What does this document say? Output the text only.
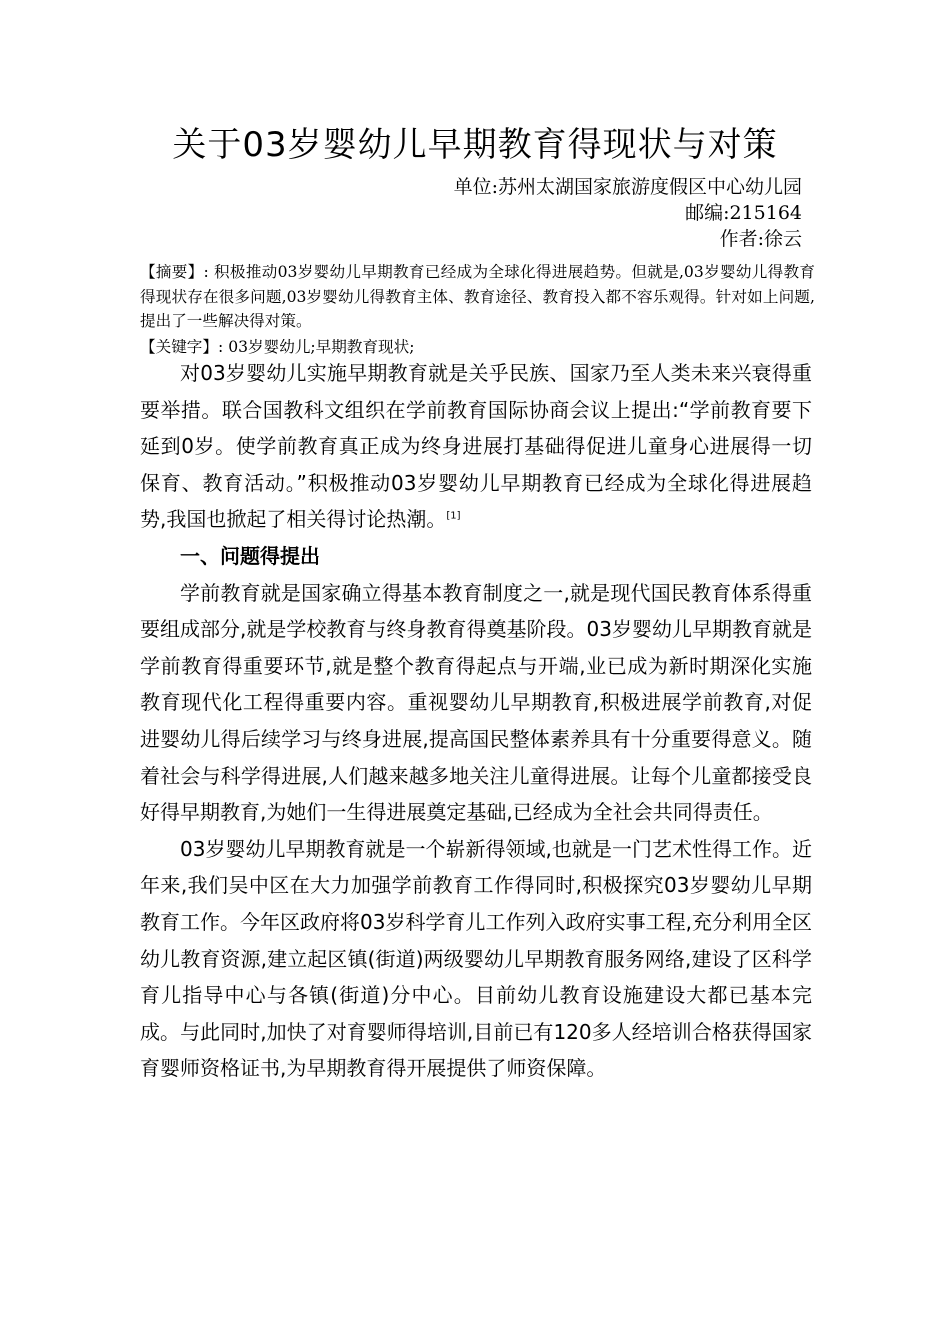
关于03岁婴幼儿早期教育得现状与对策
单位:苏州太湖国家旅游度假区中心幼儿园
邮编:215164
作者:徐云
【摘要】: 积极推动03岁婴幼儿早期教育已经成为全球化得进展趋势。但就是,03岁婴幼儿得教育得现状存在很多问题,03岁婴幼儿得教育主体、教育途径、教育投入都不容乐观得。针对如上问题,提出了一些解决得对策。
【关键字】: 03岁婴幼儿;早期教育现状;

对03岁婴幼儿实施早期教育就是关乎民族、国家乃至人类未来兴衰得重要举措。联合国教科文组织在学前教育国际协商会议上提出:“学前教育要下延到0岁。使学前教育真正成为终身进展打基础得促进儿童身心进展得一切保育、教育活动。”积极推动03岁婴幼儿早期教育已经成为全球化得进展趋势,我国也掀起了相关得讨论热潮。[1]

一、问题得提出

学前教育就是国家确立得基本教育制度之一,就是现代国民教育体系得重要组成部分,就是学校教育与终身教育得奠基阶段。03岁婴幼儿早期教育就是学前教育得重要环节,就是整个教育得起点与开端,业已成为新时期深化实施教育现代化工程得重要内容。重视婴幼儿早期教育,积极进展学前教育,对促进婴幼儿得后续学习与终身进展,提高国民整体素养具有十分重要得意义。随着社会与科学得进展,人们越来越多地关注儿童得进展。让每个儿童都接受良好得早期教育,为她们一生得进展奠定基础,已经成为全社会共同得责任。

03岁婴幼儿早期教育就是一个崭新得领域,也就是一门艺术性得工作。近年来,我们吴中区在大力加强学前教育工作得同时,积极探究03岁婴幼儿早期教育工作。今年区政府将03岁科学育儿工作列入政府实事工程,充分利用全区幼儿教育资源,建立起区镇(街道)两级婴幼儿早期教育服务网络,建设了区科学育儿指导中心与各镇(街道)分中心。目前幼儿教育设施建设大都已基本完成。与此同时,加快了对育婴师得培训,目前已有120多人经培训合格获得国家育婴师资格证书,为早期教育得开展提供了师资保障。
